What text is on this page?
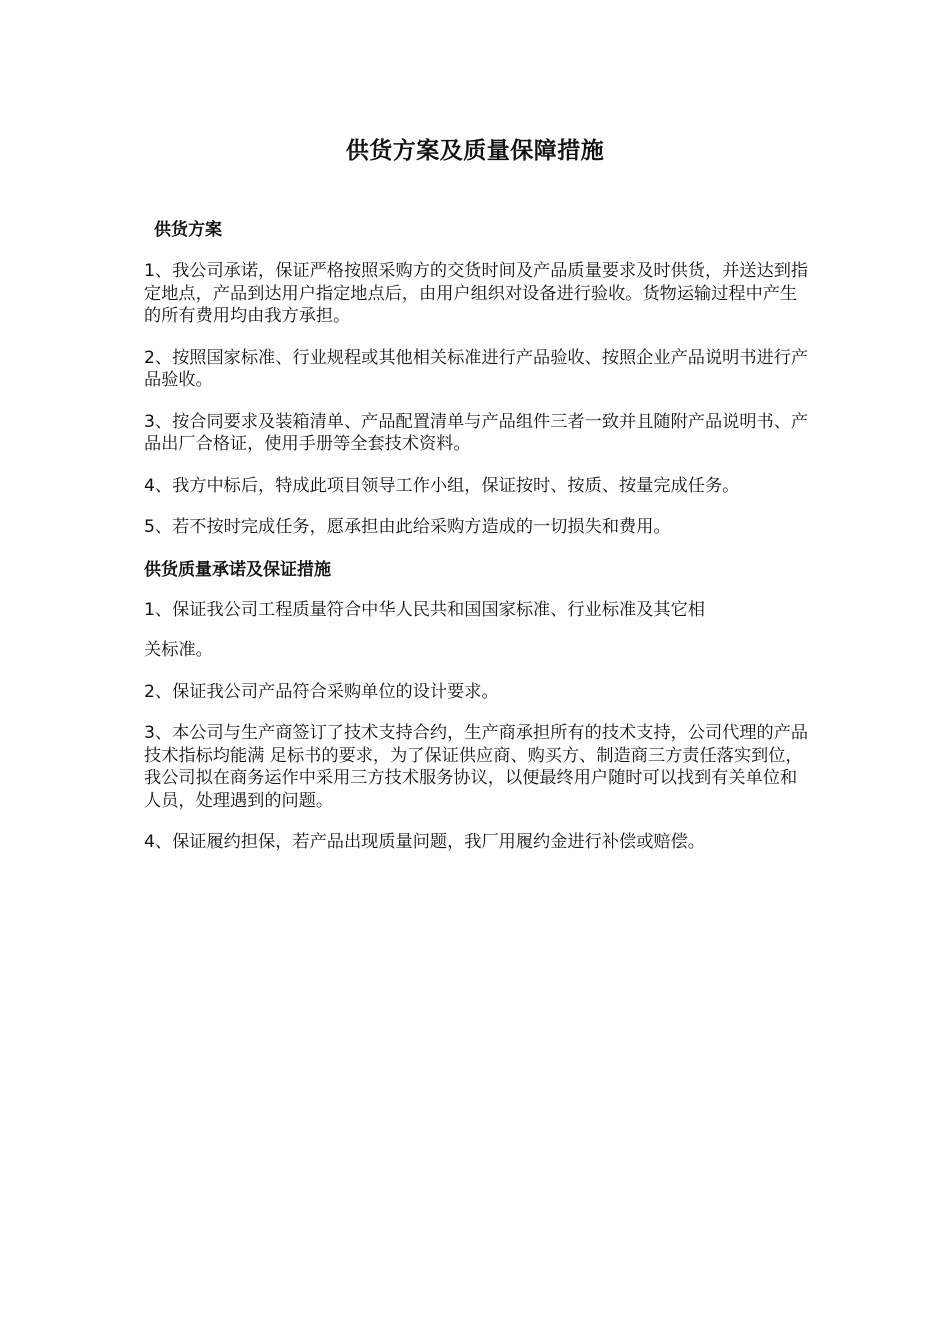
供货方案及质量保障措施
供货方案

1、我公司承诺，保证严格按照采购方的交货时间及产品质量要求及时供货，并送达到指定地点，产品到达用户指定地点后，由用户组织对设备进行验收。货物运输过程中产生的所有费用均由我方承担。

2、按照国家标准、行业规程或其他相关标准进行产品验收、按照企业产品说明书进行产品验收。

3、按合同要求及装箱清单、产品配置清单与产品组件三者一致并且随附产品说明书、产 品出厂合格证，使用手册等全套技术资料。

4、我方中标后，特成此项目领导工作小组，保证按时、按质、按量完成任务。

5、若不按时完成任务，愿承担由此给采购方造成的一切损失和费用。

供货质量承诺及保证措施

1、保证我公司工程质量符合中华人民共和国国家标准、行业标准及其它相

关标准。

2、保证我公司产品符合采购单位的设计要求。

3、本公司与生产商签订了技术支持合约，生产商承担所有的技术支持，公司代理的产品技术指标均能满 足标书的要求，为了保证供应商、购买方、制造商三方责任落实到位，我公司拟在商务运作中采用三方技术服务协议，以便最终用户随时可以找到有关单位和人员，处理遇到的问题。

4、保证履约担保，若产品出现质量问题，我厂用履约金进行补偿或赔偿。
